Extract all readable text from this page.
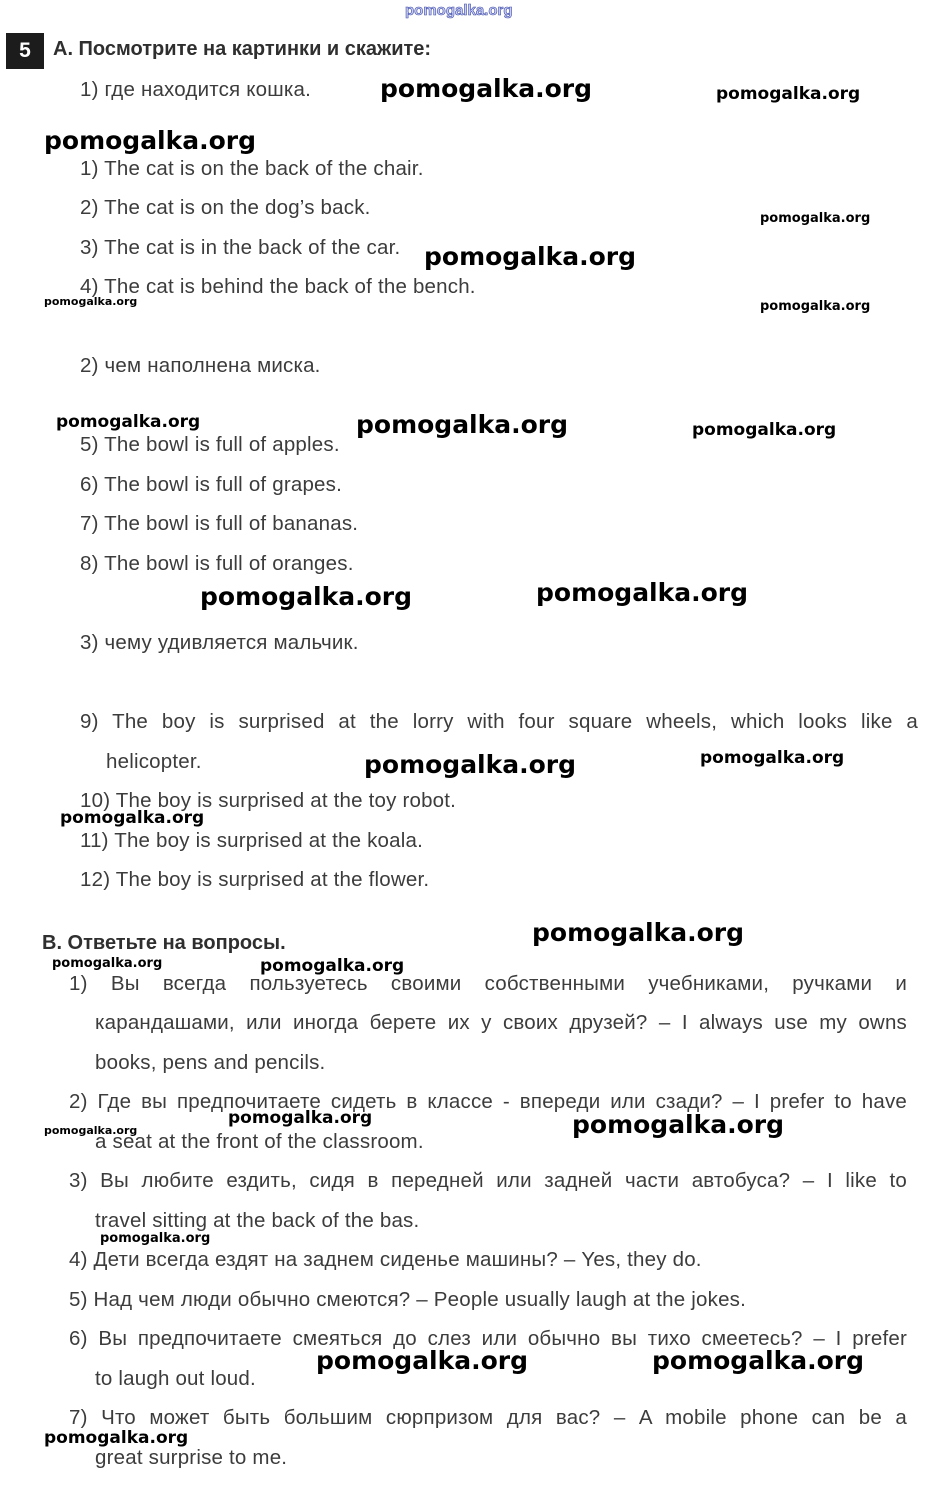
pomogalka.org
5	A. Посмотрите на картинки и скажите:
1) где находится кошка.
1) The cat is on the back of the chair.
2) The cat is on the dog’s back.
3) The cat is in the back of the car.
4) The cat is behind the back of the bench.
2) чем наполнена миска.
5) The bowl is full of apples.
6) The bowl is full of grapes.
7) The bowl is full of bananas.
8) The bowl is full of oranges.
3) чему удивляется мальчик.
9) The boy is surprised at the lorry with four square wheels, which looks like a
helicopter.
10) The boy is surprised at the toy robot.
11) The boy is surprised at the koala.
12) The boy is surprised at the flower.
B. Ответьте на вопросы.
1) Вы всегда пользуетесь своими собственными учебниками, ручками и
карандашами, или иногда берете их у своих друзей? – I always use my owns
books, pens and pencils.
2) Где вы предпочитаете сидеть в классе - впереди или сзади? – I prefer to have
a seat at the front of the classroom.
3) Вы любите ездить, сидя в передней или задней части автобуса? – I like to
travel sitting at the back of the bas.
4) Дети всегда ездят на заднем сиденье машины? – Yes, they do.
5) Над чем люди обычно смеются? – People usually laugh at the jokes.
6) Вы предпочитаете смеяться до слез или обычно вы тихо смеетесь? – I prefer
to laugh out loud.
7) Что может быть большим сюрпризом для вас? – A mobile phone can be a
great surprise to me.
pomogalka.org	pomogalka.org
pomogalka.org
pomogalka.org
pomogalka.org
pomogalka.org	pomogalka.org
pomogalka.org	pomogalka.org	pomogalka.org
pomogalka.org	pomogalka.org
pomogalka.org	pomogalka.org
pomogalka.org
pomogalka.org
pomogalka.org	pomogalka.org
pomogalka.org
pomogalka.org	pomogalka.org
pomogalka.org
pomogalka.org	pomogalka.org
pomogalka.org
